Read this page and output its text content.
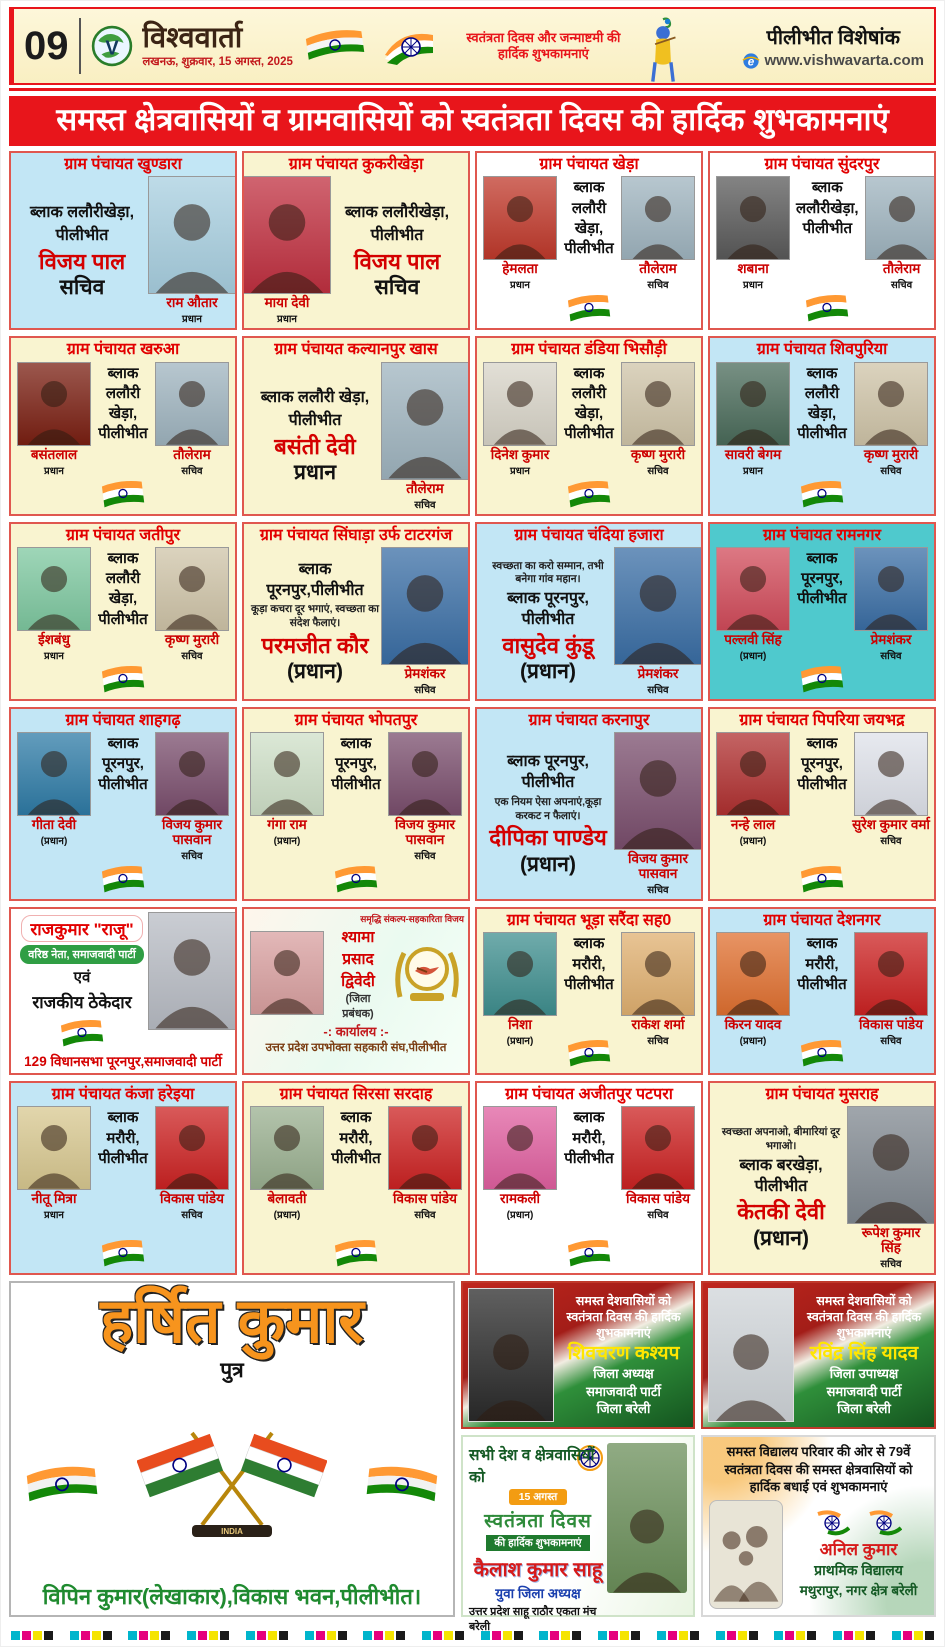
09 V विश्ववार्ता
लखनऊ, शुक्रवार, 15 अगस्त, 2025
स्वतंत्रता दिवस और जन्माष्टमी की हार्दिक शुभकामनाएं
पीलीभीत विशेषांक
e www.vishwavarta.com
समस्त क्षेत्रवासियों व ग्रामवासियों को स्वतंत्रता दिवस की हार्दिक शुभकामनाएं
ग्राम पंचायत खुण्डारा
ब्लाक ललौरीखेड़ा,
पीलीभीत
विजय पाल
सचिव
राम औतार
प्रधान
ग्राम पंचायत कुकरीखेड़ा
माया देवी
प्रधान
ब्लाक ललौरीखेड़ा,
पीलीभीत
विजय पाल
सचिव
ग्राम पंचायत खेड़ा
हेमलता
प्रधान
ब्लाक
ललौरी खेड़ा,
पीलीभीत
तौलेराम
सचिव
ग्राम पंचायत सुंदरपुर
शबाना
प्रधान
ब्लाक
ललौरीखेड़ा,
पीलीभीत
तौलेराम
सचिव
ग्राम पंचायत खरुआ
बसंतलाल
प्रधान
ब्लाक
ललौरी खेड़ा,
पीलीभीत
तौलेराम
सचिव
ग्राम पंचायत कल्यानपुर खास
ब्लाक ललौरी खेड़ा,
पीलीभीत
बसंती देवी
प्रधान
तौलेराम
सचिव
ग्राम पंचायत डंडिया भिसौड़ी
दिनेश कुमार
प्रधान
ब्लाक
ललौरी खेड़ा,
पीलीभीत
कृष्ण मुरारी
सचिव
ग्राम पंचायत शिवपुरिया
सावरी बेगम
प्रधान
ब्लाक
ललौरी खेड़ा,
पीलीभीत
कृष्ण मुरारी
सचिव
ग्राम पंचायत जतीपुर
ईशबंधु
प्रधान
ब्लाक
ललौरी
खेड़ा,
पीलीभीत
कृष्ण मुरारी
सचिव
ग्राम पंचायत सिंघाड़ा उर्फ टाटरगंज
ब्लाक पूरनपुर,पीलीभीत
कूड़ा कचरा दूर भगाएं, स्वच्छता का संदेश फैलाएं।
परमजीत कौर
(प्रधान)	प्रेमशंकर
सचिव
ग्राम पंचायत चंदिया हजारा
स्वच्छता का करो सम्मान, तभी बनेगा गांव महान।
ब्लाक पूरनपुर, पीलीभीत
वासुदेव कुंडू
(प्रधान)	प्रेमशंकर
सचिव
ग्राम पंचायत रामनगर
पल्लवी सिंह
(प्रधान)
ब्लाक
पूरनपुर,
पीलीभीत
प्रेमशंकर
सचिव
ग्राम पंचायत शाहगढ़
गीता देवी
(प्रधान)
ब्लाक
पूरनपुर,
पीलीभीत
विजय कुमार पासवान
सचिव
ग्राम पंचायत भोपतपुर
गंगा राम
(प्रधान)
ब्लाक
पूरनपुर,
पीलीभीत
विजय कुमार पासवान
सचिव
ग्राम पंचायत करनापुर
ब्लाक पूरनपुर, पीलीभीत
एक नियम ऐसा अपनाएं,कूड़ा करकट न फैलाएं।
दीपिका पाण्डेय
(प्रधान)	विजय कुमार पासवान
सचिव
ग्राम पंचायत पिपरिया जयभद्र
नन्हे लाल
(प्रधान)
ब्लाक
पूरनपुर,
पीलीभीत
सुरेश कुमार वर्मा
सचिव
राजकुमार "राजू"
वरिष्ठ नेता, समाजवादी पार्टी
एवं
राजकीय ठेकेदार
129 विधानसभा पूरनपुर,समाजवादी पार्टी
समृद्धि संकल्प-सहकारिता विजय
श्यामा प्रसाद द्विवेदी
(जिला प्रबंधक)
-: कार्यालय :-
उत्तर प्रदेश उपभोक्ता सहकारी संघ,पीलीभीत
ग्राम पंचायत भूड़ा सरैंदा सह0
निशा
(प्रधान)
ब्लाक
मरौरी,
पीलीभीत
राकेश शर्मा
सचिव
ग्राम पंचायत देशनगर
किरन यादव
(प्रधान)
ब्लाक
मरौरी,
पीलीभीत
विकास पांडेय
सचिव
ग्राम पंचायत कंजा हरेइया
नीतू मित्रा
प्रधान
ब्लाक
मरौरी,
पीलीभीत
विकास पांडेय
सचिव
ग्राम पंचायत सिरसा सरदाह
बेलावती
(प्रधान)
ब्लाक
मरौरी,
पीलीभीत
विकास पांडेय
सचिव
ग्राम पंचायत अजीतपुर पटपरा
रामकली
(प्रधान)
ब्लाक
मरौरी,
पीलीभीत
विकास पांडेय
सचिव
ग्राम पंचायत मुसराह
स्वच्छता अपनाओ, बीमारियां दूर भगाओ।
ब्लाक बरखेड़ा, पीलीभीत
केतकी देवी
(प्रधान)	रूपेश कुमार सिंह
सचिव
हर्षित कुमार
पुत्र
INDIA
विपिन कुमार(लेखाकार),विकास भवन,पीलीभीत।
समस्त देशवासियों को स्वतंत्रता दिवस की हार्दिक शुभकामनाएं
शिवचरण कश्यप
जिला अध्यक्ष
समाजवादी पार्टी
जिला बरेली
समस्त देशवासियों को स्वतंत्रता दिवस की हार्दिक शुभकामनाएं
रविंद्र सिंह यादव
जिला उपाध्यक्ष
समाजवादी पार्टी
जिला बरेली
सभी देश व क्षेत्रवासियों को
15 अगस्त
स्वतंत्रता दिवस
की हार्दिक शुभकामनाएं
कैलाश कुमार साहू
युवा जिला अध्यक्ष
उत्तर प्रदेश साहू राठौर एकता मंच बरेली
समस्त विद्यालय परिवार की ओर से 79वें स्वतंत्रता दिवस की समस्त क्षेत्रवासियों को हार्दिक बधाई एवं शुभकामनाएं
अनिल कुमार
प्राथमिक विद्यालय
मथुरापुर, नगर क्षेत्र बरेली
